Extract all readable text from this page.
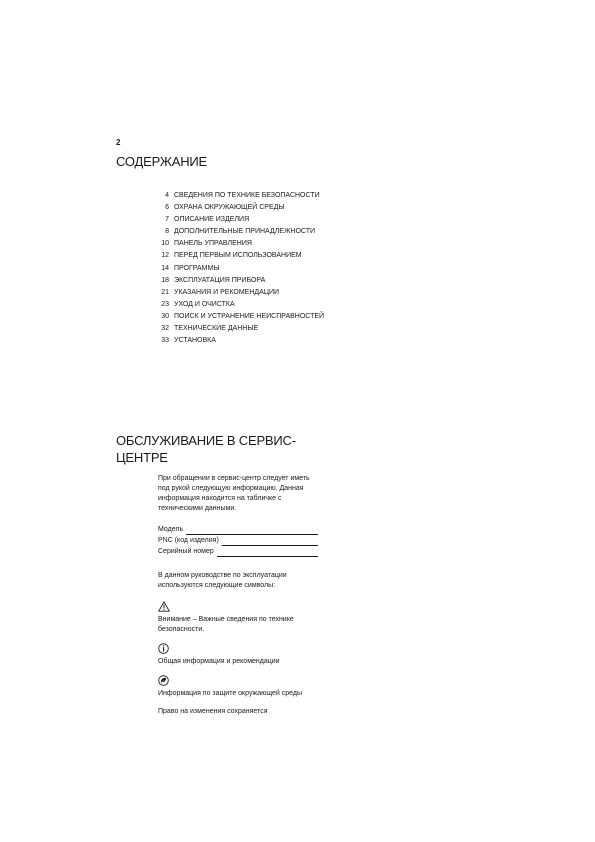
2
СОДЕРЖАНИЕ
4 СВЕДЕНИЯ ПО ТЕХНИКЕ БЕЗОПАСНОСТИ
6 ОХРАНА ОКРУЖАЮЩЕЙ СРЕДЫ
7 ОПИСАНИЕ ИЗДЕЛИЯ
8 ДОПОЛНИТЕЛЬНЫЕ ПРИНАДЛЕЖНОСТИ
10 ПАНЕЛЬ УПРАВЛЕНИЯ
12 ПЕРЕД ПЕРВЫМ ИСПОЛЬЗОВАНИЕМ
14 ПРОГРАММЫ
18 ЭКСПЛУАТАЦИЯ ПРИБОРА
21 УКАЗАНИЯ И РЕКОМЕНДАЦИИ
23 УХОД И ОЧИСТКА
30 ПОИСК И УСТРАНЕНИЕ НЕИСПРАВНОСТЕЙ
32 ТЕХНИЧЕСКИЕ ДАННЫЕ
33 УСТАНОВКА
ОБСЛУЖИВАНИЕ В СЕРВИС-ЦЕНТРЕ

При обращении в сервис-центр следует иметь под рукой следующую информацию. Данная информация находится на табличке с техническими данными.

Модель
PNC (код изделия)
Серийный номер

В данном руководстве по эксплуатации используются следующие символы:

Внимание – Важные сведения по технике безопасности.

Общая информация и рекомендации

Информация по защите окружающей среды

Право на изменения сохраняется
